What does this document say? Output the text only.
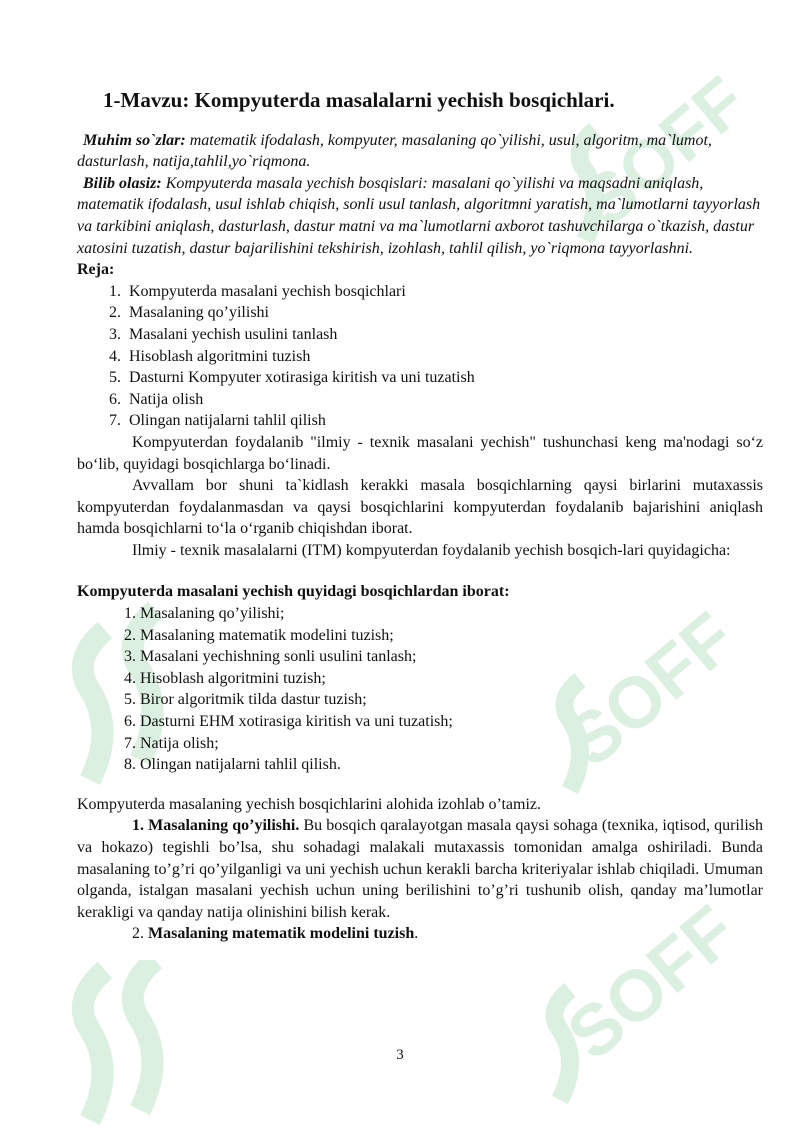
SOFF
SOFF
SOFF
1-Mavzu: Kompyuterda masalalarni yechish bosqichlari.
Muhim so`zlar: matematik ifodalash, kompyuter, masalaning qo`yilishi, usul, algoritm, ma`lumot, dasturlash, natija,tahlil,yo`riqmona.
Bilib olasiz: Kompyuterda masala yechish bosqislari: masalani qo`yilishi va maqsadni aniqlash, matematik ifodalash, usul ishlab chiqish, sonli usul tanlash, algoritmni yaratish, ma`lumotlarni tayyorlash va tarkibini aniqlash, dasturlash, dastur matni va ma`lumotlarni axborot tashuvchilarga o`tkazish, dastur xatosini tuzatish, dastur bajarilishini tekshirish, izohlash, tahlil qilish, yo`riqmona tayyorlashni.
Reja:
1. Kompyuterda masalani yechish bosqichlari
2. Masalaning qo’yilishi
3. Masalani yechish usulini tanlash
4. Hisoblash algoritmini tuzish
5. Dasturni Kompyuter xotirasiga kiritish va uni tuzatish
6. Natija olish
7. Olingan natijalarni tahlil qilish

Kompyuterdan foydalanib "ilmiy - texnik masalani yechish" tushunchasi keng ma'nodagi so‘z bo‘lib, quyidagi bosqichlarga bo‘linadi.

Avvallam bor shuni ta`kidlash kerakki masala bosqichlarning qaysi birlarini mutaxassis kompyuterdan foydalanmasdan va qaysi bosqichlarini kompyuterdan foydalanib bajarishini aniqlash hamda bosqichlarni to‘la o‘rganib chiqishdan iborat.

Ilmiy - texnik masalalarni (ITM) kompyuterdan foydalanib yechish bosqich-lari quyidagicha:

Kompyuterda masalani yechish quyidagi bosqichlardan iborat:
1. Masalaning qo’yilishi;
2. Masalaning matematik modelini tuzish;
3. Masalani yechishning sonli usulini tanlash;
4. Hisoblash algoritmini tuzish;
5. Biror algoritmik tilda dastur tuzish;
6. Dasturni EHM xotirasiga kiritish va uni tuzatish;
7. Natija olish;
8. Olingan natijalarni tahlil qilish.
Kompyuterda masalaning yechish bosqichlarini alohida izohlab o’tamiz.

1. Masalaning qo’yilishi. Bu bosqich qaralayotgan masala qaysi sohaga (texnika, iqtisod, qurilish va hokazo) tegishli bo’lsa, shu sohadagi malakali mutaxassis tomonidan amalga oshiriladi. Bunda masalaning to’g’ri qo’yilganligi va uni yechish uchun kerakli barcha kriteriyalar ishlab chiqiladi. Umuman olganda, istalgan masalani yechish uchun uning berilishini to’g’ri tushunib olish, qanday ma’lumotlar kerakligi va qanday natija olinishini bilish kerak.

2. Masalaning matematik modelini tuzish.

3
